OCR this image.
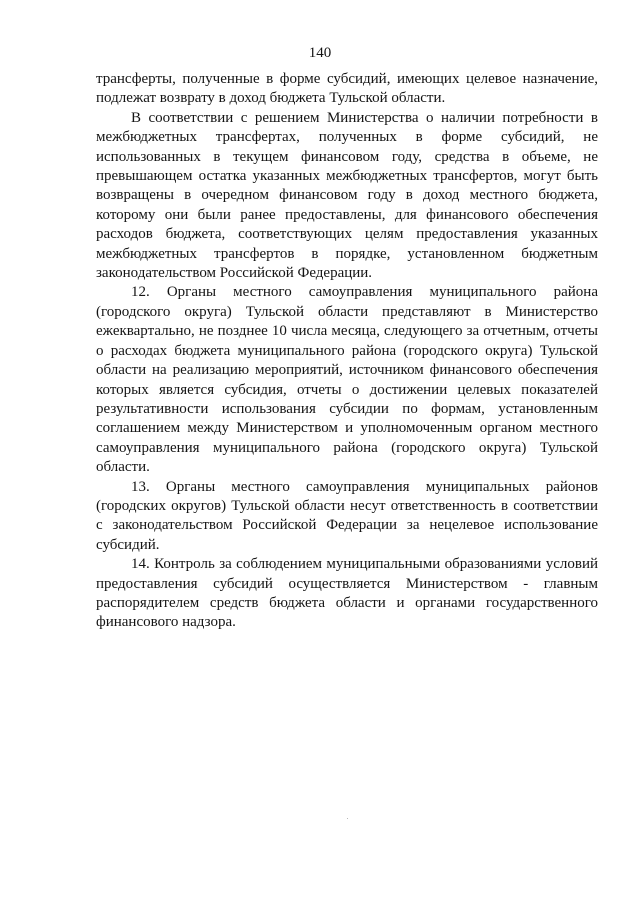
140

трансферты, полученные в форме субсидий, имеющих целевое назначение, подлежат возврату в доход бюджета Тульской области.

В соответствии с решением Министерства о наличии потребности в межбюджетных трансфертах, полученных в форме субсидий, не использованных в текущем финансовом году, средства в объеме, не превышающем остатка указанных межбюджетных трансфертов, могут быть возвращены в очередном финансовом году в доход местного бюджета, которому они были ранее предоставлены, для финансового обеспечения расходов бюджета, соответствующих целям предоставления указанных межбюджетных трансфертов в порядке, установленном бюджетным законодательством Российской Федерации.

12. Органы местного самоуправления муниципального района (городского округа) Тульской области представляют в Министерство ежеквартально, не позднее 10 числа месяца, следующего за отчетным, отчеты о расходах бюджета муниципального района (городского округа) Тульской области на реализацию мероприятий, источником финансового обеспечения которых является субсидия, отчеты о достижении целевых показателей результативности использования субсидии по формам, установленным соглашением между Министерством и уполномоченным органом местного самоуправления муниципального района (городского округа) Тульской области.

13. Органы местного самоуправления муниципальных районов (городских округов) Тульской области несут ответственность в соответствии с законодательством Российской Федерации за нецелевое использование субсидий.

14. Контроль за соблюдением муниципальными образованиями условий предоставления субсидий осуществляется Министерством - главным распорядителем средств бюджета области и органами государственного финансового надзора.
